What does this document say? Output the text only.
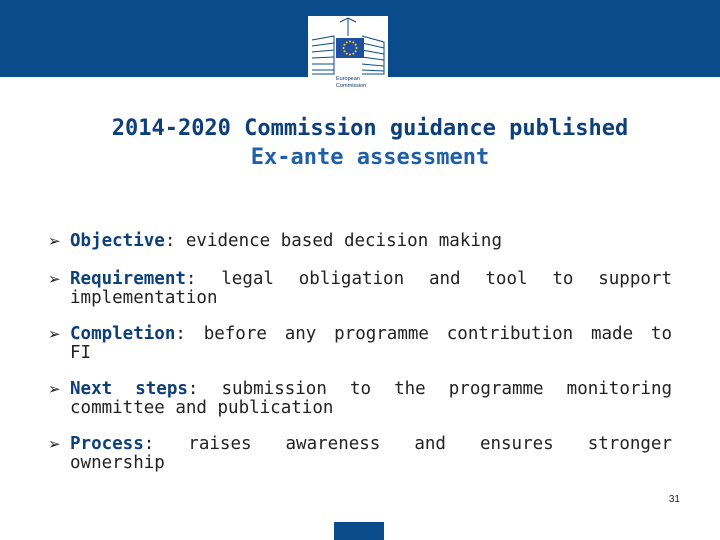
European Commission
2014-2020 Commission guidance published
Ex-ante assessment
➢ Objective: evidence based decision making
➢ Requirement: legal obligation and tool to support
implementation
➢ Completion: before any programme contribution made to
FI
➢ Next steps: submission to the programme monitoring
committee and publication
➢ Process: raises awareness and ensures stronger
ownership
31
